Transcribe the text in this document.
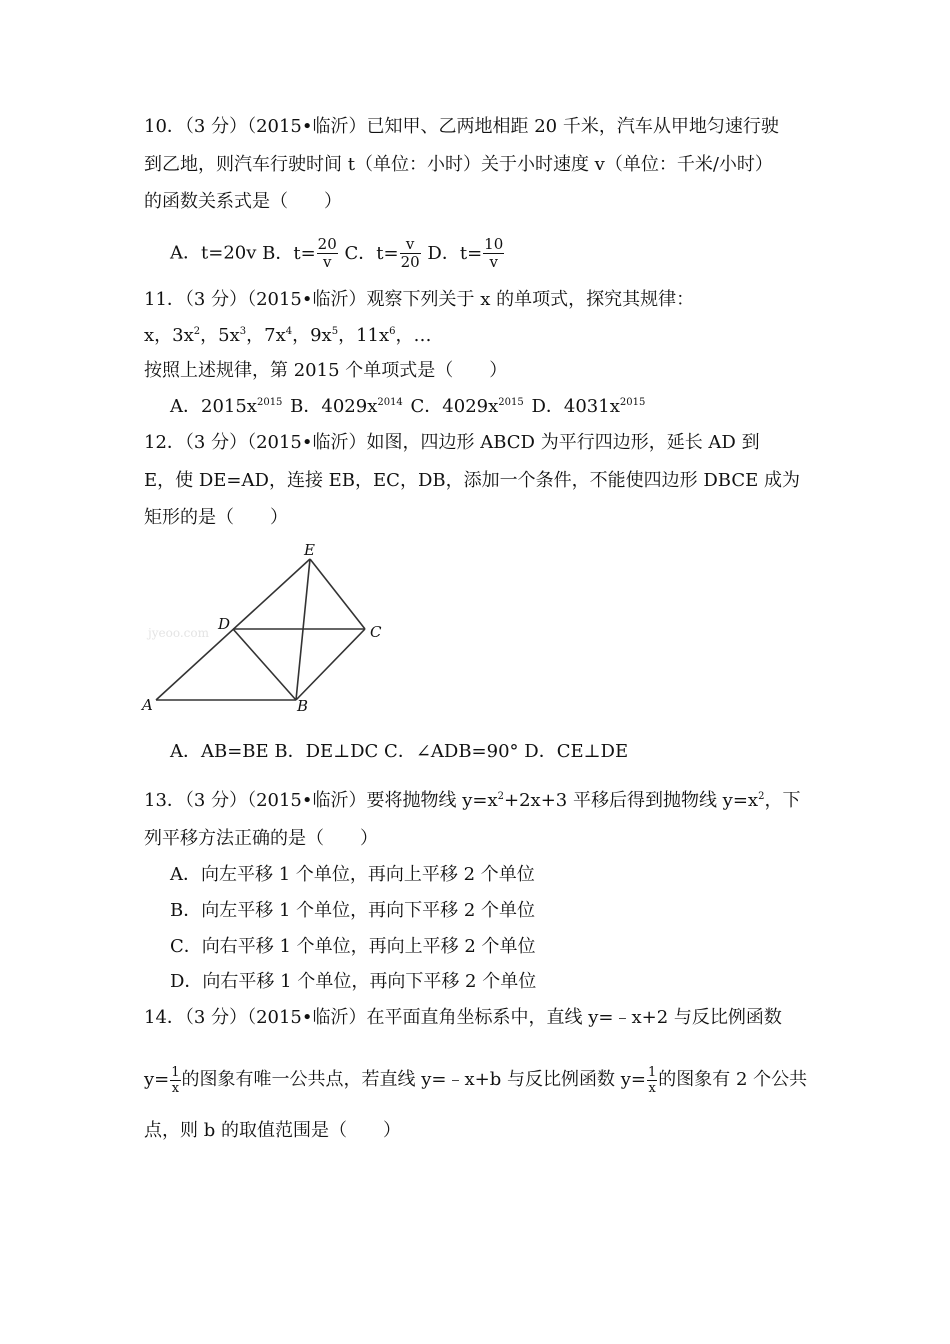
10．（3 分）（2015•临沂）已知甲、乙两地相距 20 千米，汽车从甲地匀速行驶
到乙地，则汽车行驶时间 t（单位：小时）关于小时速度 v（单位：千米/小时）
的函数关系式是（　　）
A．t=20v B．$t= \frac{20}{v}$ C．$t= \frac{v}{20}$ D．$t= \frac{10}{v}$
11．（3 分）（2015•临沂）观察下列关于 x 的单项式，探究其规律：
x，$3x^2$，$5x^3$，$7x^4$，$9x^5$，$11x^6$，…
按照上述规律，第 2015 个单项式是（　　）
A．$2015x^{2015}$ B．$4029x^{2014}$ C．$4029x^{2015}$ D．$4031x^{2015}$
12．（3 分）（2015•临沂）如图，四边形 ABCD 为平行四边形，延长 AD 到
E，使 DE=AD，连接 EB，EC，DB，添加一个条件，不能使四边形 DBCE 成为
矩形的是（　　）
jyeoo.com
E
D	C
A	B
A．AB=BE B．DE⊥DC C．∠ADB=90° D．CE⊥DE
13．（3 分）（2015•临沂）要将抛物线 $y=x^2+2x+3$ 平移后得到抛物线 $y=x^2$，下
列平移方法正确的是（　　）
A．向左平移 1 个单位，再向上平移 2 个单位
B．向左平移 1 个单位，再向下平移 2 个单位
C．向右平移 1 个单位，再向上平移 2 个单位
D．向右平移 1 个单位，再向下平移 2 个单位
14．（3 分）（2015•临沂）在平面直角坐标系中，直线 y=﹣x+2 与反比例函数
$y= \frac{1}{x}$ 的图象有唯一公共点，若直线 y=﹣x+b 与反比例函数 $y= \frac{1}{x}$ 的图象有 2 个公共
点，则 b 的取值范围是（　　）
